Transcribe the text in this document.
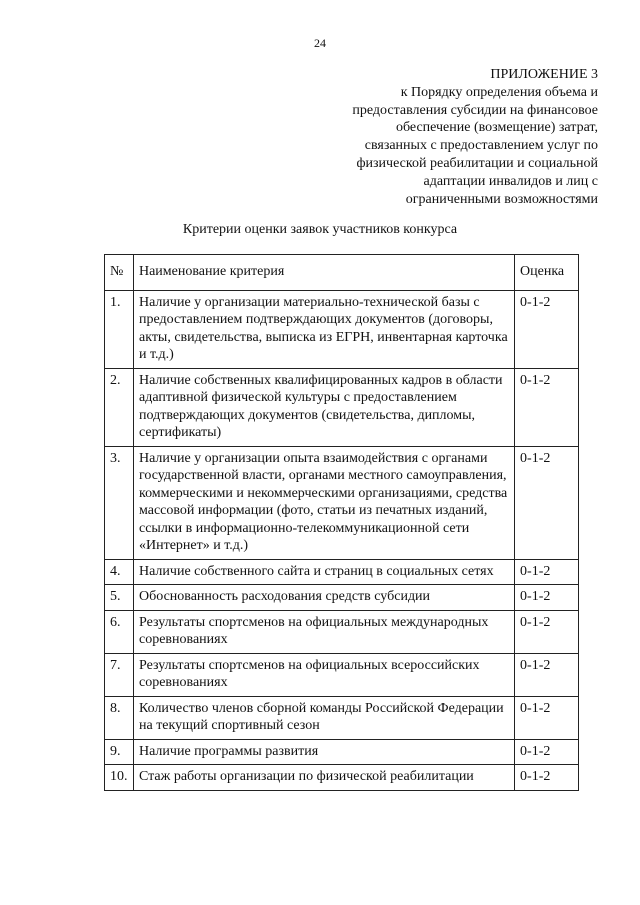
24
ПРИЛОЖЕНИЕ 3
к Порядку определения объема и
предоставления субсидии на финансовое
обеспечение (возмещение) затрат,
связанных с предоставлением услуг по
физической реабилитации и социальной
адаптации инвалидов и лиц с
ограниченными возможностями
Критерии оценки заявок участников конкурса
№	Наименование критерия	Оценка
1.	Наличие у организации материально-технической базы с предоставлением подтверждающих документов (договоры, акты, свидетельства, выписка из ЕГРН, инвентарная карточка и т.д.)	0-1-2
2.	Наличие собственных квалифицированных кадров в области адаптивной физической культуры с предоставлением подтверждающих документов (свидетельства, дипломы, сертификаты)	0-1-2
3.	Наличие у организации опыта взаимодействия с органами государственной власти, органами местного самоуправления, коммерческими и некоммерческими организациями, средства массовой информации (фото, статьи из печатных изданий, ссылки в информационно-телекоммуникационной сети «Интернет» и т.д.)	0-1-2
4.	Наличие собственного сайта и страниц в социальных сетях	0-1-2
5.	Обоснованность расходования средств субсидии	0-1-2
6.	Результаты спортсменов на официальных международных соревнованиях	0-1-2
7.	Результаты спортсменов на официальных всероссийских соревнованиях	0-1-2
8.	Количество членов сборной команды Российской Федерации на текущий спортивный сезон	0-1-2
9.	Наличие программы развития	0-1-2
10.	Стаж работы организации по физической реабилитации	0-1-2
